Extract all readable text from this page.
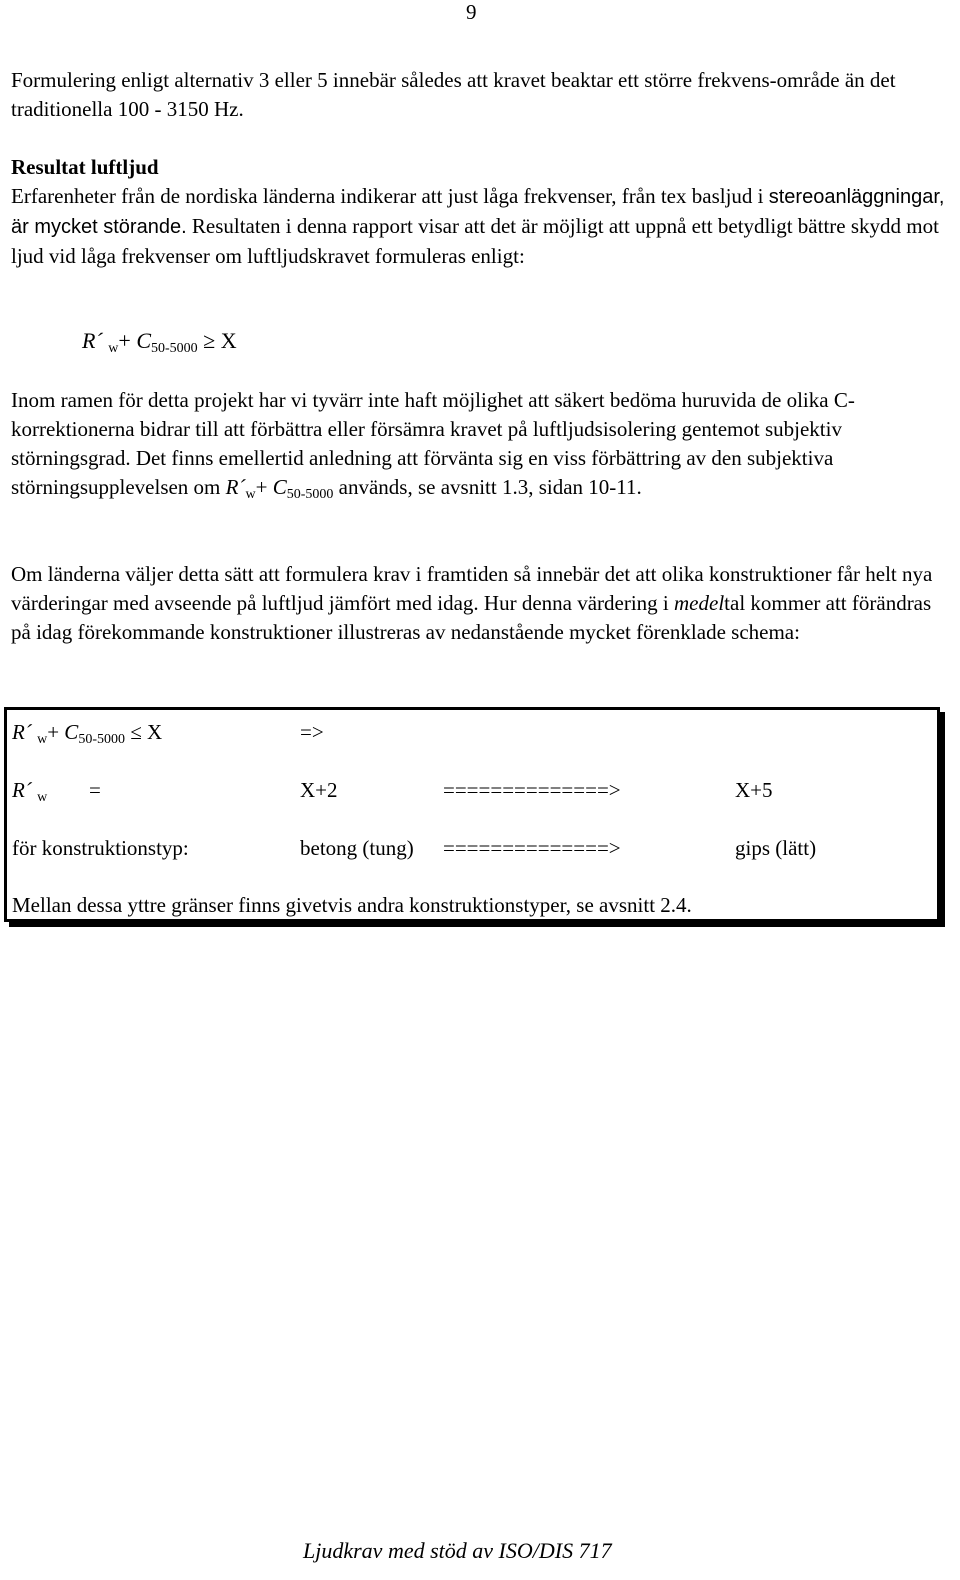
9

Formulering enligt alternativ 3 eller 5 innebär således att kravet beaktar ett större frekvens-område än det traditionella 100 - 3150 Hz.

Resultat luftljud

Erfarenheter från de nordiska länderna indikerar att just låga frekvenser, från tex basljud i stereoanläggningar, är mycket störande. Resultaten i denna rapport visar att det är möjligt att uppnå ett betydligt bättre skydd mot ljud vid låga frekvenser om luftljudskravet formuleras enligt:

R´ $_w+ C_{50-5000} \ge X$

Inom ramen för detta projekt har vi tyvärr inte haft möjlighet att säkert bedöma huruvida de olika C-korrektionerna bidrar till att förbättra eller försämra kravet på luftljudsisolering gentemot subjektiv störningsgrad. Det finns emellertid anledning att förvänta sig en viss förbättring av den subjektiva störningsupplevelsen om $R´_w+ C_{50-5000}$ används, se avsnitt 1.3, sidan 10-11.

Om länderna väljer detta sätt att formulera krav i framtiden så innebär det att olika konstruktioner får helt nya värderingar med avseende på luftljud jämfört med idag. Hur denna värdering i medeltal kommer att förändras på idag förekommande konstruktioner illustreras av nedanstående mycket förenklade schema:

R´ $_w+ C_{50-5000} \le X$	=>
R´ $_w$ =	X+2	==============>	X+5
för konstruktionstyp:	betong (tung) ==============>	gips (lätt)
Mellan dessa yttre gränser finns givetvis andra konstruktionstyper, se avsnitt 2.4.
Ljudkrav med stöd av ISO/DIS 717
